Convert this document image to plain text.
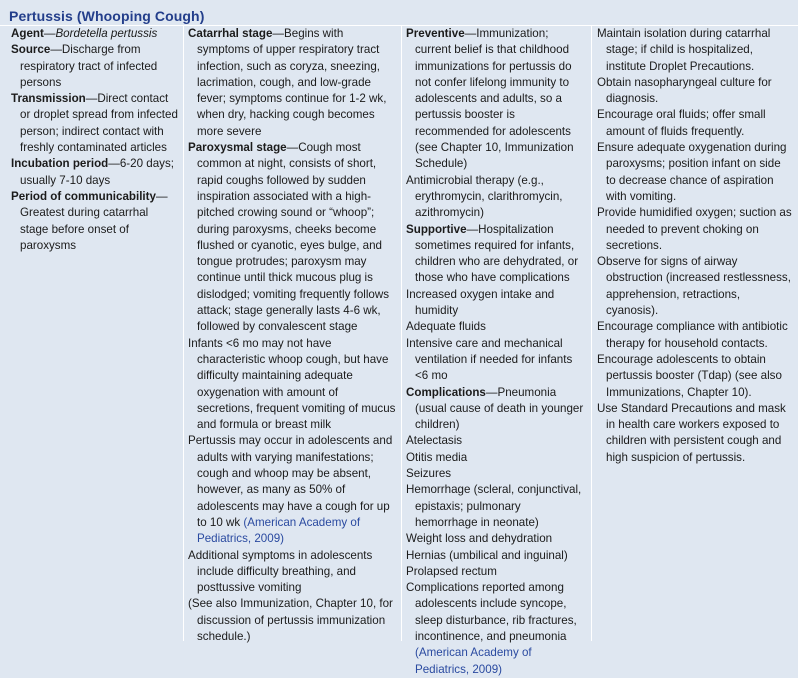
Pertussis (Whooping Cough)

Agent—Bordetella pertussis

Source—Discharge from respiratory tract of infected persons

Transmission—Direct contact or droplet spread from infected person; indirect contact with freshly contaminated articles

Incubation period—6-20 days; usually 7-10 days

Period of communicability—Greatest during catarrhal stage before onset of paroxysms

Catarrhal stage—Begins with symptoms of upper respiratory tract infection, such as coryza, sneezing, lacrimation, cough, and low-grade fever; symptoms continue for 1-2 wk, when dry, hacking cough becomes more severe

Paroxysmal stage—Cough most common at night, consists of short, rapid coughs followed by sudden inspiration associated with a high-pitched crowing sound or “whoop”; during paroxysms, cheeks become flushed or cyanotic, eyes bulge, and tongue protrudes; paroxysm may continue until thick mucous plug is dislodged; vomiting frequently follows attack; stage generally lasts 4-6 wk, followed by convalescent stage

Infants <6 mo may not have characteristic whoop cough, but have difficulty maintaining adequate oxygenation with amount of secretions, frequent vomiting of mucus and formula or breast milk

Pertussis may occur in adolescents and adults with varying manifestations; cough and whoop may be absent, however, as many as 50% of adolescents may have a cough for up to 10 wk (American Academy of Pediatrics, 2009)

Additional symptoms in adolescents include difficulty breathing, and posttussive vomiting

(See also Immunization, Chapter 10, for discussion of pertussis immunization schedule.)

Preventive—Immunization; current belief is that childhood immunizations for pertussis do not confer lifelong immunity to adolescents and adults, so a pertussis booster is recommended for adolescents (see Chapter 10, Immunization Schedule)

Antimicrobial therapy (e.g., erythromycin, clarithromycin, azithromycin)

Supportive—Hospitalization sometimes required for infants, children who are dehydrated, or those who have complications

Increased oxygen intake and humidity

Adequate fluids

Intensive care and mechanical ventilation if needed for infants <6 mo

Complications—Pneumonia (usual cause of death in younger children)

Atelectasis

Otitis media

Seizures

Hemorrhage (scleral, conjunctival, epistaxis; pulmonary hemorrhage in neonate)

Weight loss and dehydration

Hernias (umbilical and inguinal)

Prolapsed rectum

Complications reported among adolescents include syncope, sleep disturbance, rib fractures, incontinence, and pneumonia (American Academy of Pediatrics, 2009)

Maintain isolation during catarrhal stage; if child is hospitalized, institute Droplet Precautions.

Obtain nasopharyngeal culture for diagnosis.

Encourage oral fluids; offer small amount of fluids frequently.

Ensure adequate oxygenation during paroxysms; position infant on side to decrease chance of aspiration with vomiting.

Provide humidified oxygen; suction as needed to prevent choking on secretions.

Observe for signs of airway obstruction (increased restlessness, apprehension, retractions, cyanosis).

Encourage compliance with antibiotic therapy for household contacts.

Encourage adolescents to obtain pertussis booster (Tdap) (see also Immunizations, Chapter 10).

Use Standard Precautions and mask in health care workers exposed to children with persistent cough and high suspicion of pertussis.
